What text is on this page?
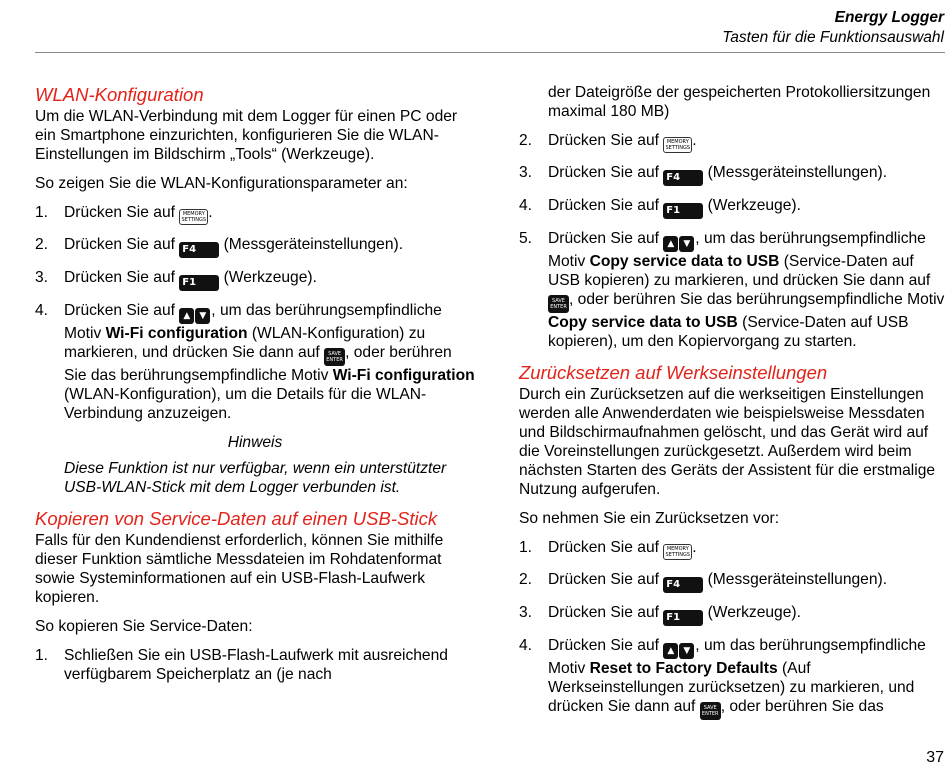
Energy Logger
Tasten für die Funktionsauswahl
WLAN-Konfiguration

Um die WLAN-Verbindung mit dem Logger für einen PC oder ein Smartphone einzurichten, konfigurieren Sie die WLAN-Einstellungen im Bildschirm „Tools“ (Werkzeuge).

So zeigen Sie die WLAN-Konfigurationsparameter an:

1. Drücken Sie auf MEMORY
SETTINGS .
2. Drücken Sie auf F4 (Messgeräteinstellungen).
3. Drücken Sie auf F1 (Werkzeuge).
4. Drücken Sie auf ▲ ▼ , um das berührungsempfindliche Motiv Wi-Fi configuration (WLAN-Konfiguration) zu markieren, und drücken Sie dann auf SAVE
ENTER , oder berühren Sie das berührungsempfindliche Motiv Wi-Fi configuration (WLAN-Konfiguration), um die Details für die WLAN-Verbindung anzuzeigen.

Hinweis

Diese Funktion ist nur verfügbar, wenn ein unterstützter USB-WLAN-Stick mit dem Logger verbunden ist.

Kopieren von Service-Daten auf einen USB-Stick

Falls für den Kundendienst erforderlich, können Sie mithilfe dieser Funktion sämtliche Messdateien im Rohdatenformat sowie Systeminformationen auf ein USB-Flash-Laufwerk kopieren.

So kopieren Sie Service-Daten:

1. Schließen Sie ein USB-Flash-Laufwerk mit ausreichend verfügbarem Speicherplatz an (je nach
der Dateigröße der gespeicherten Protokolliersitzungen maximal 180 MB)
2. Drücken Sie auf MEMORY
SETTINGS .
3. Drücken Sie auf F4 (Messgeräteinstellungen).
4. Drücken Sie auf F1 (Werkzeuge).
5. Drücken Sie auf ▲ ▼ , um das berührungsempfindliche Motiv Copy service data to USB (Service-Daten auf USB kopieren) zu markieren, und drücken Sie dann auf SAVE
ENTER , oder berühren Sie das berührungsempfindliche Motiv Copy service data to USB (Service-Daten auf USB kopieren), um den Kopiervorgang zu starten.
Zurücksetzen auf Werkseinstellungen

Durch ein Zurücksetzen auf die werkseitigen Einstellungen werden alle Anwenderdaten wie beispielsweise Messdaten und Bildschirmaufnahmen gelöscht, und das Gerät wird auf die Voreinstellungen zurückgesetzt. Außerdem wird beim nächsten Starten des Geräts der Assistent für die erstmalige Nutzung aufgerufen.

So nehmen Sie ein Zurücksetzen vor:

1. Drücken Sie auf MEMORY
SETTINGS .
2. Drücken Sie auf F4 (Messgeräteinstellungen).
3. Drücken Sie auf F1 (Werkzeuge).
4. Drücken Sie auf ▲ ▼ , um das berührungsempfindliche Motiv Reset to Factory Defaults (Auf Werkseinstellungen zurücksetzen) zu markieren, und drücken Sie dann auf SAVE
ENTER , oder berühren Sie das
37
